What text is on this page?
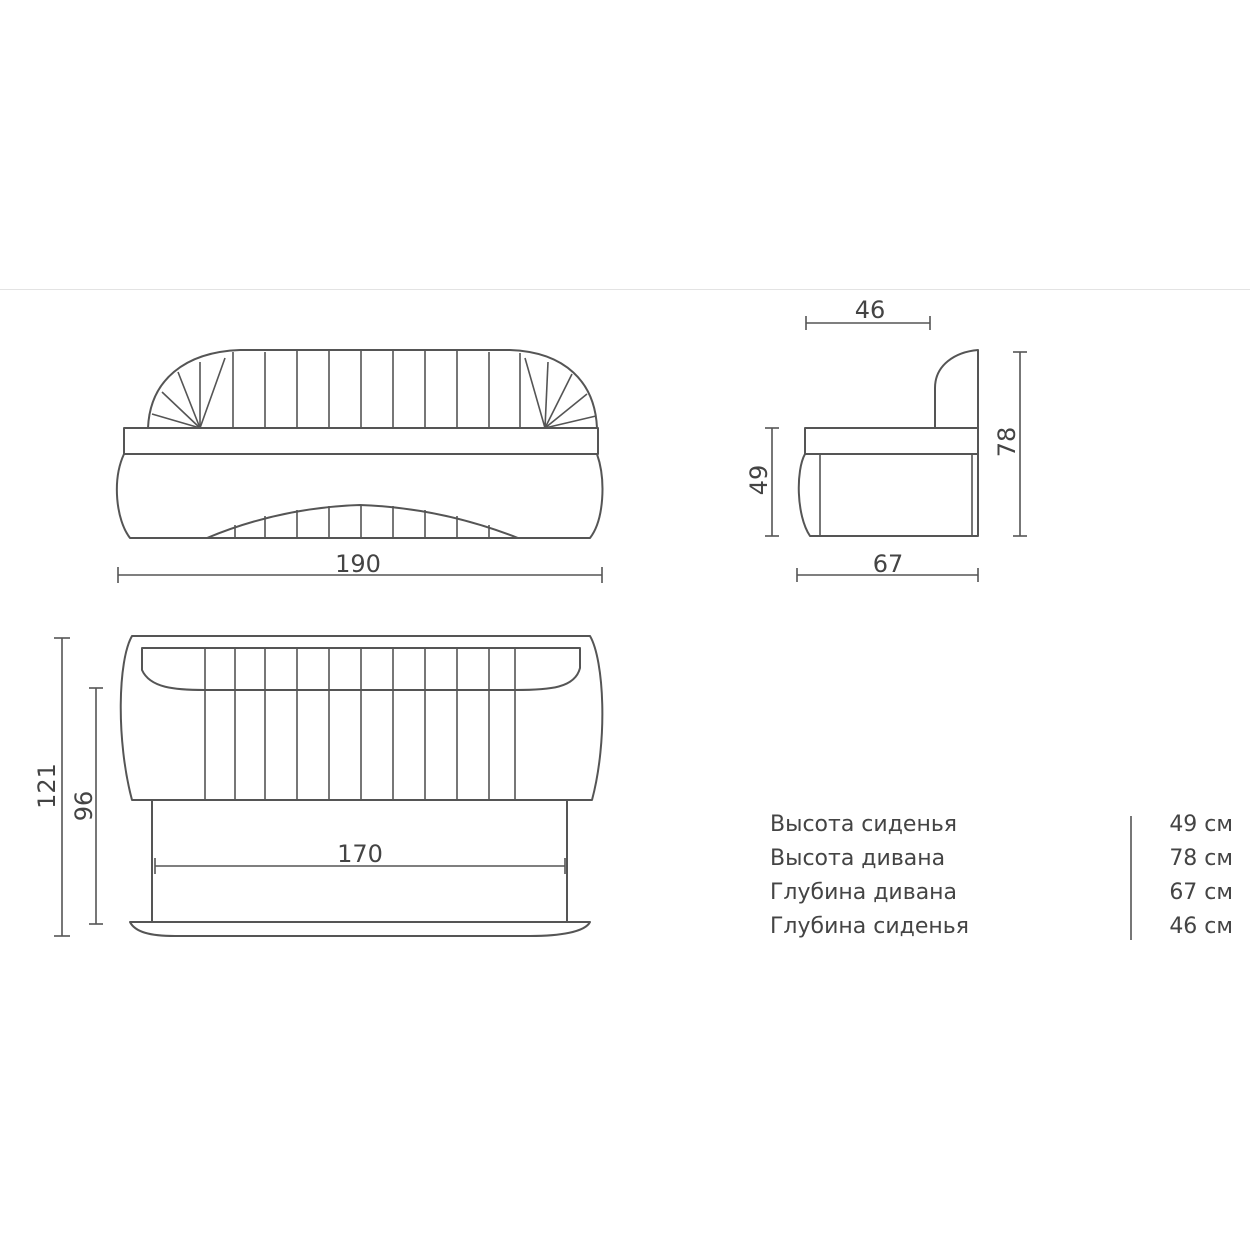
190
46
49
78
67
170
121 96
Высота сиденья	49 см
Высота дивана	78 см
Глубина дивана	67 см
Глубина сиденья	46 см
